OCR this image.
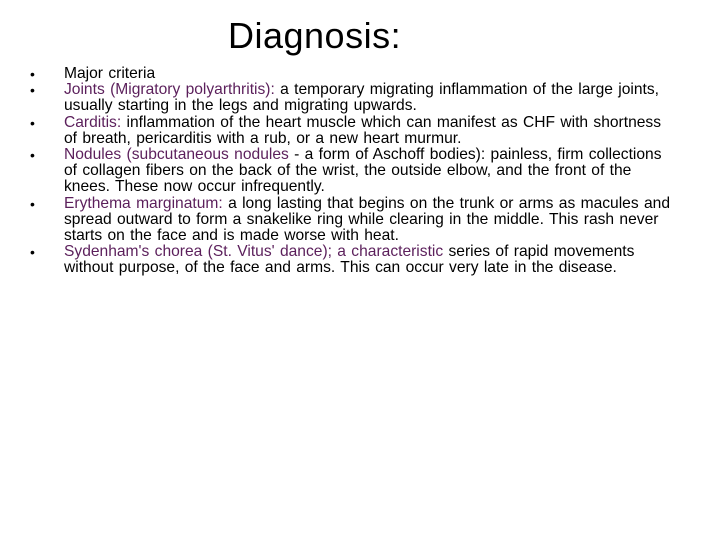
Diagnosis:
•	Major criteria
•	Joints (Migratory polyarthritis): a temporary migrating inflammation of the large joints, usually starting in the legs and migrating upwards.
•	Carditis: inflammation of the heart muscle which can manifest as CHF with shortness of breath, pericarditis with a rub, or a new heart murmur.
•	Nodules (subcutaneous nodules - a form of Aschoff bodies): painless, firm collections of collagen fibers on the back of the wrist, the outside elbow, and the front of the knees. These now occur infrequently.
•	Erythema marginatum: a long lasting that begins on the trunk or arms as macules and spread outward to form a snakelike ring while clearing in the middle. This rash never starts on the face and is made worse with heat.
•	Sydenham's chorea (St. Vitus' dance); a characteristic series of rapid movements without purpose, of the face and arms. This can occur very late in the disease.
